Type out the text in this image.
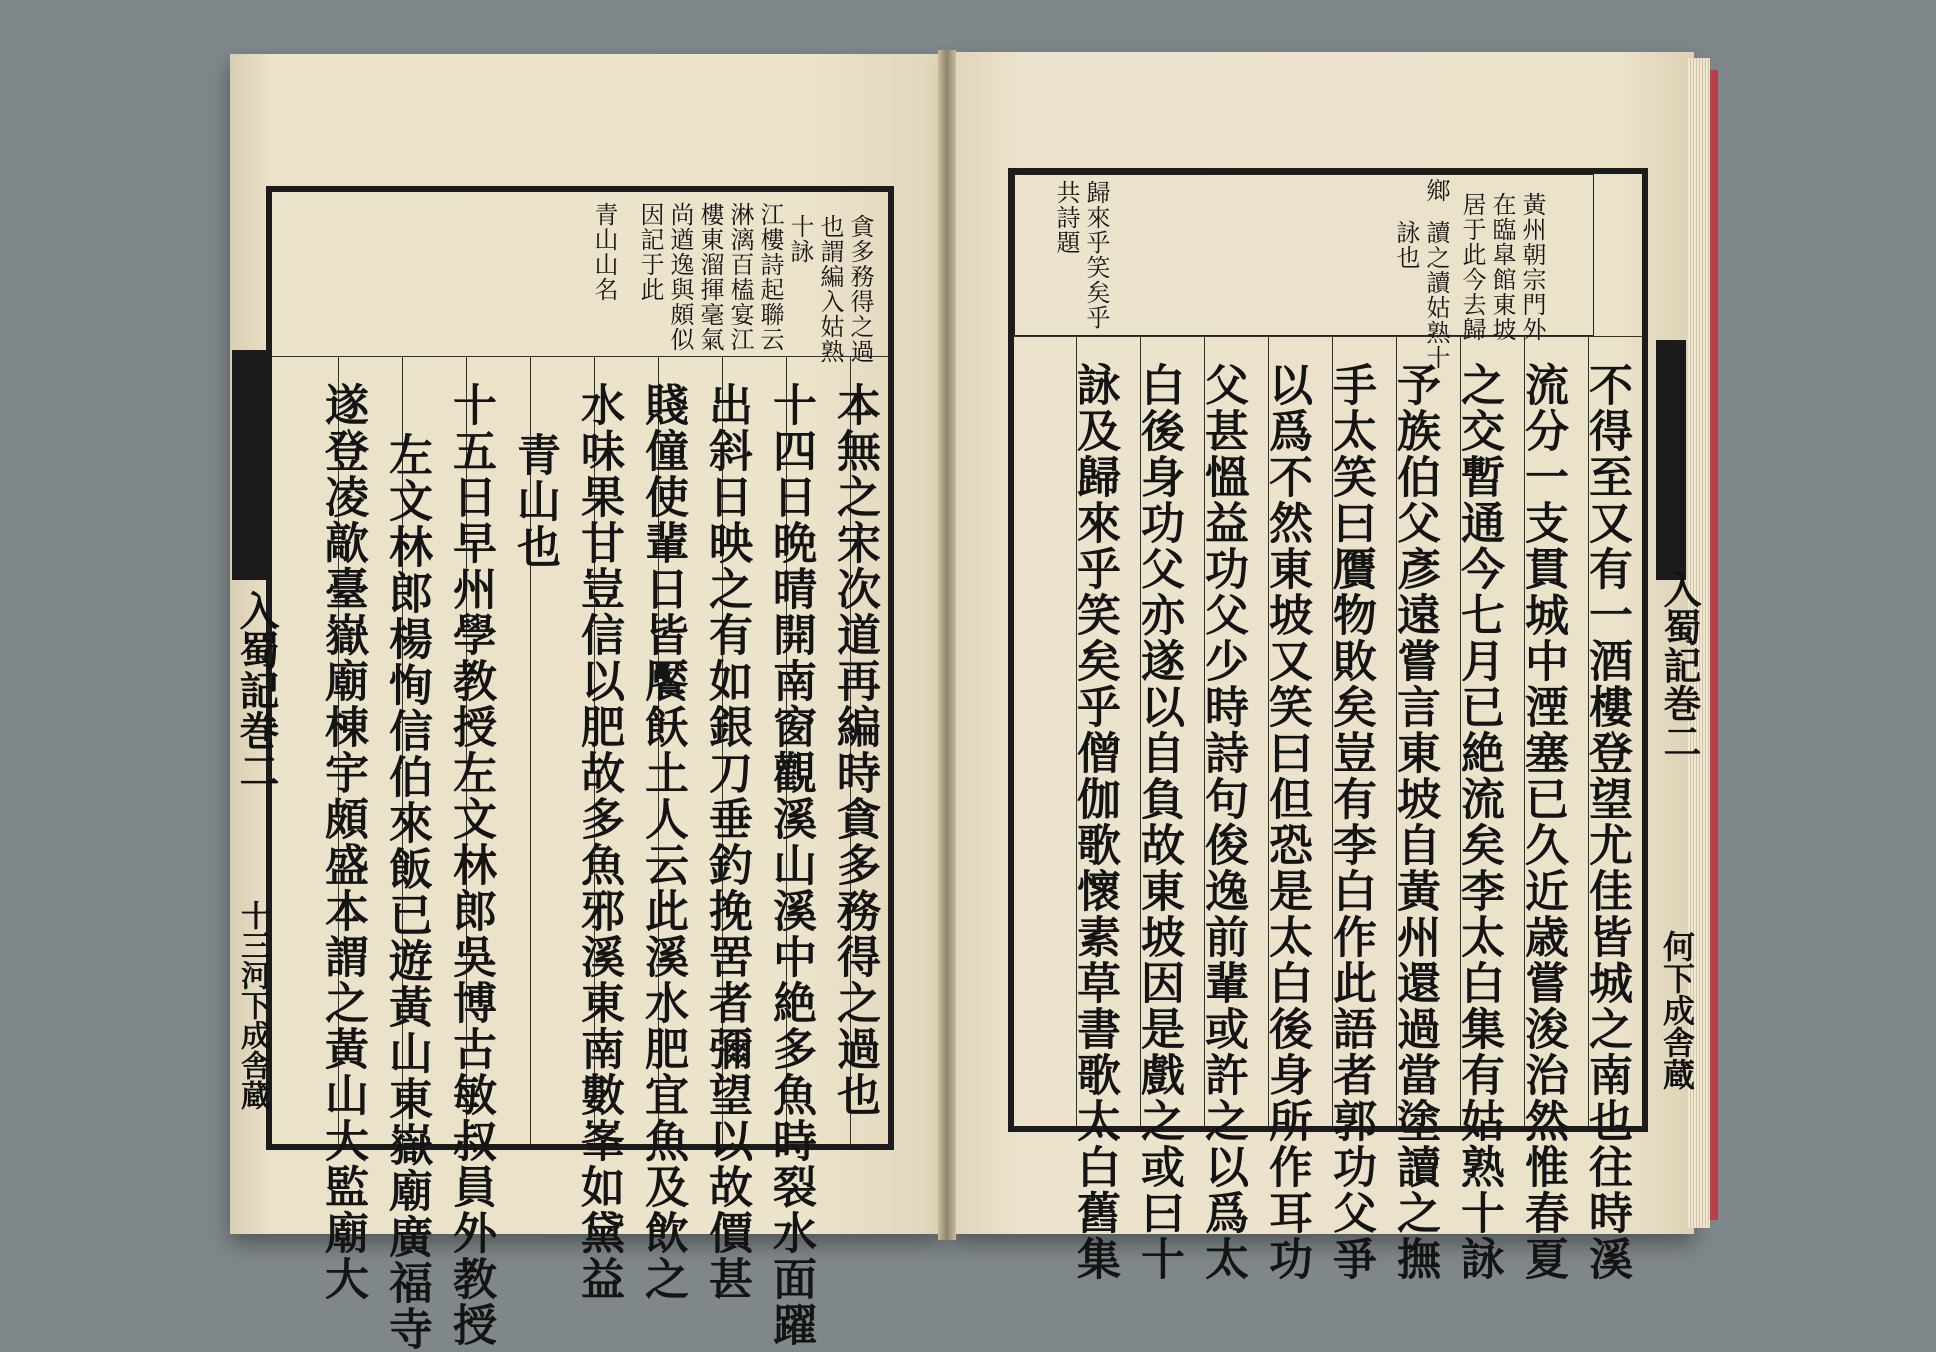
貪多務得之過
也謂編入姑熟
十詠
江樓詩起聯云
淋漓百榼宴江
樓東溜揮毫氣
尚遒逸與頗似
因記于此
青山山名
本無之宋次道再編時貪多務得之過也
十四日晩晴開南窗觀溪山溪中絶多魚時裂水面躍
出斜日映之有如銀刀垂釣挽罟者彌望以故價甚
賤僮使輩日皆饜飫土人云此溪水肥宜魚及飲之
水味果甘豈信以肥故多魚邪溪東南數峯如黛益
青山也
十五日早州學教授左文林郎吳博古敏叔員外教授
左文林郎楊恂信伯來飯已遊黃山東嶽廟廣福寺
遂登凌歊臺嶽廟棟宇頗盛本謂之黃山大監廟大
入蜀記巻二
十三河下成舎蔵
黃州朝宗門外
在臨皐館東坡
居于此今去歸
鄉
讀之讀姑熟十
詠也
歸來乎笑矣乎
共詩題
不得至又有一酒樓登望尤佳皆城之南也往時溪
流分一支貫城中湮塞已久近歳嘗浚治然惟春夏
之交暫通今七月已絶流矣李太白集有姑熟十詠
予族伯父彥遠嘗言東坡自黃州還過當塗讀之撫
手太笑曰贋物敗矣豈有李白作此語者郭功父爭
以爲不然東坡又笑曰但恐是太白後身所作耳功
父甚慍益功父少時詩句俊逸前輩或許之以爲太
白後身功父亦遂以自負故東坡因是戲之或曰十
詠及歸來乎笑矣乎僧伽歌懷素草書歌太白舊集	入蜀記巻二
何下成舎蔵
